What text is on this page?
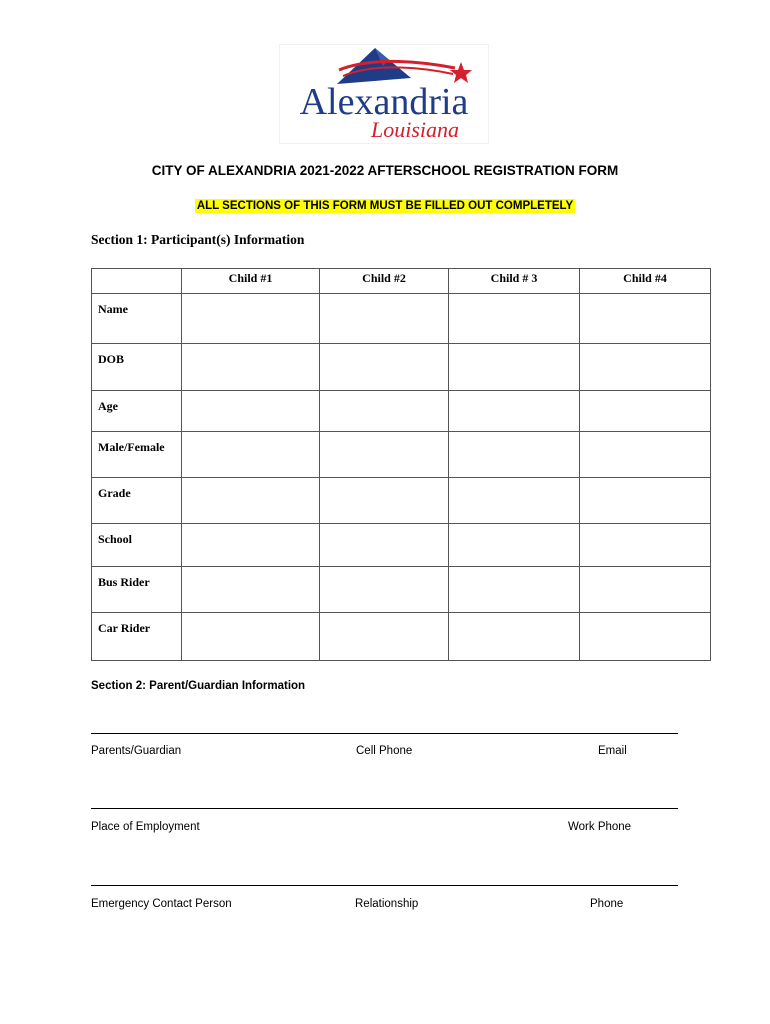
Alexandria
Louisiana
CITY OF ALEXANDRIA 2021-2022 AFTERSCHOOL REGISTRATION FORM
ALL SECTIONS OF THIS FORM MUST BE FILLED OUT COMPLETELY
Section 1: Participant(s) Information
	Child #1	Child #2	Child # 3	Child #4
Name				
DOB				
Age				
Male/Female				
Grade				
School				
Bus Rider				
Car Rider				
Section 2: Parent/Guardian Information
Parents/Guardian	Cell Phone	Email
Place of Employment	Work Phone
Emergency Contact Person	Relationship	Phone
